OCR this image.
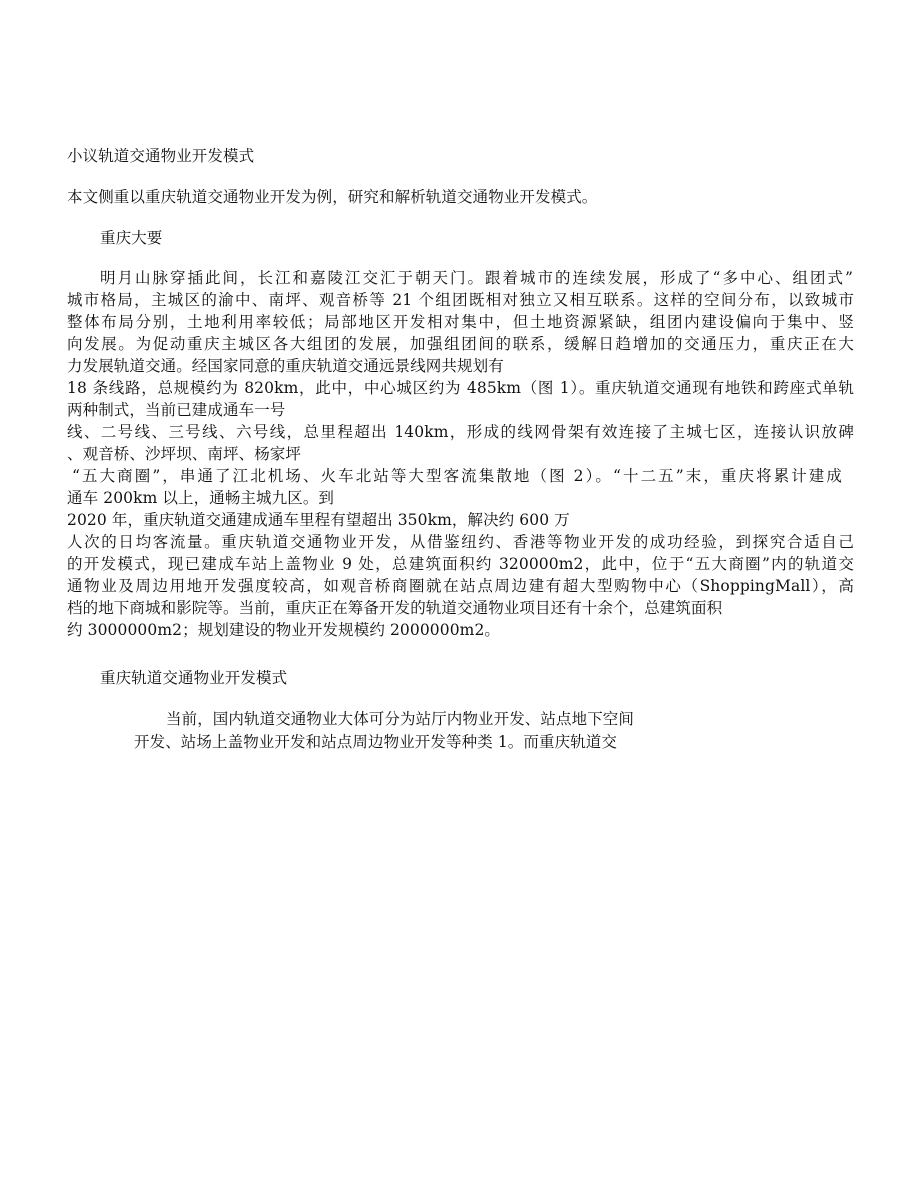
小议轨道交通物业开发模式
本文侧重以重庆轨道交通物业开发为例，研究和解析轨道交通物业开发模式。
重庆大要
明月山脉穿插此间，长江和嘉陵江交汇于朝天门。跟着城市的连续发展，形成了“多中心、组团式”
城市格局，主城区的渝中、南坪、观音桥等 21 个组团既相对独立又相互联系。这样的空间分布，以致城市
整体布局分别，土地利用率较低；局部地区开发相对集中，但土地资源紧缺，组团内建设偏向于集中、竖
向发展。为促动重庆主城区各大组团的发展，加强组团间的联系，缓解日趋增加的交通压力，重庆正在大
力发展轨道交通。经国家同意的重庆轨道交通远景线网共规划有
18 条线路，总规模约为 820km，此中，中心城区约为 485km（图 1）。重庆轨道交通现有地铁和跨座式单轨
两种制式，当前已建成通车一号
线、二号线、三号线、六号线，总里程超出 140km，形成的线网骨架有效连接了主城七区，连接认识放碑
、观音桥、沙坪坝、南坪、杨家坪
“五大商圈”，串通了江北机场、火车北站等大型客流集散地（图 2）。“十二五”末，重庆将累计建成
通车 200km 以上，通畅主城九区。到
2020 年，重庆轨道交通建成通车里程有望超出 350km，解决约 600 万
人次的日均客流量。重庆轨道交通物业开发，从借鉴纽约、香港等物业开发的成功经验，到探究合适自己
的开发模式，现已建成车站上盖物业 9 处，总建筑面积约 320000m2，此中，位于“五大商圈”内的轨道交
通物业及周边用地开发强度较高，如观音桥商圈就在站点周边建有超大型购物中心（ShoppingMall），高
档的地下商城和影院等。当前，重庆正在筹备开发的轨道交通物业项目还有十余个，总建筑面积
约 3000000m2；规划建设的物业开发规模约 2000000m2。
重庆轨道交通物业开发模式
当前，国内轨道交通物业大体可分为站厅内物业开发、站点地下空间
开发、站场上盖物业开发和站点周边物业开发等种类 1。而重庆轨道交
